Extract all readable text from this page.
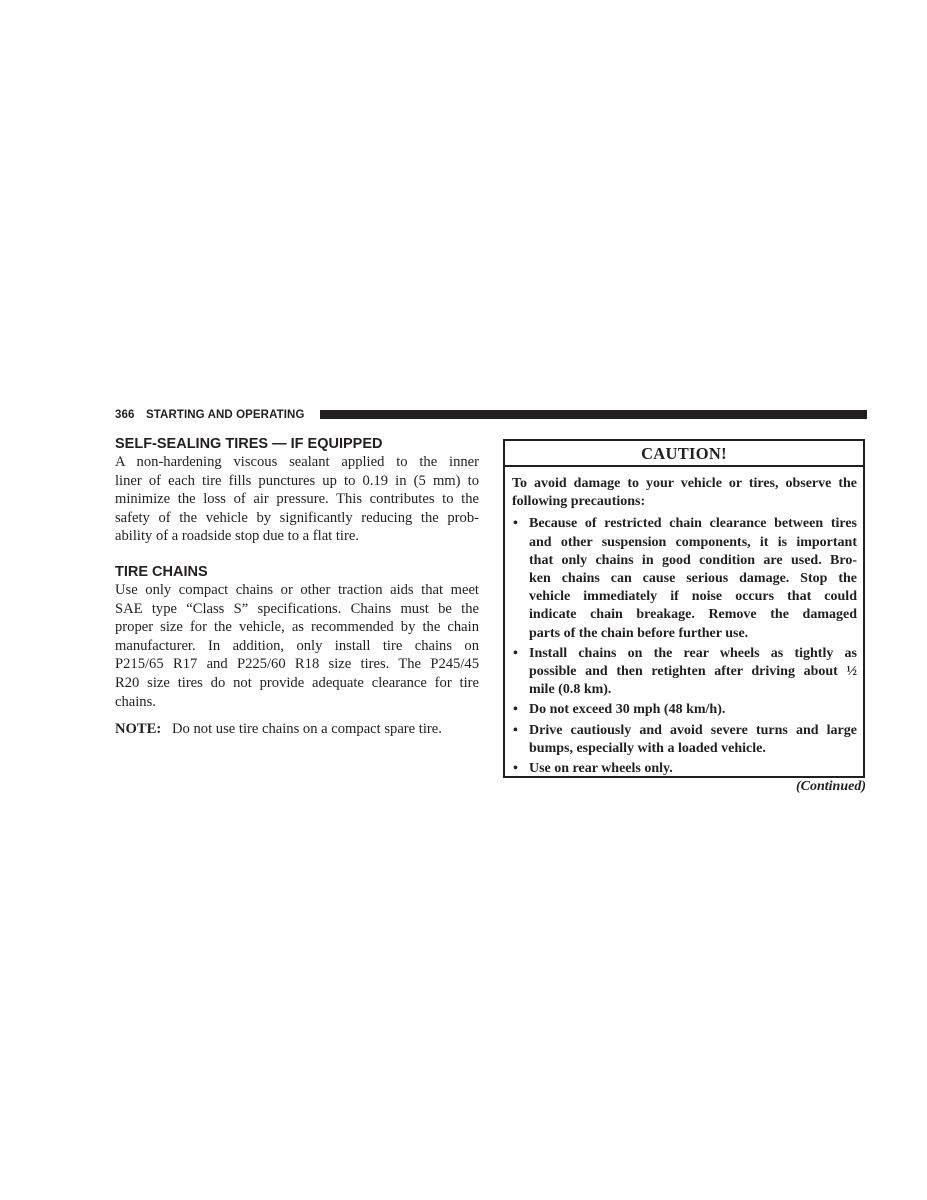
366 STARTING AND OPERATING
SELF-SEALING TIRES — IF EQUIPPED

A non-hardening viscous sealant applied to the inner
liner of each tire fills punctures up to 0.19 in (5 mm) to
minimize the loss of air pressure. This contributes to the
safety of the vehicle by significantly reducing the prob-
ability of a roadside stop due to a flat tire.

TIRE CHAINS

Use only compact chains or other traction aids that meet
SAE type “Class S” specifications. Chains must be the
proper size for the vehicle, as recommended by the chain
manufacturer. In addition, only install tire chains on
P215/65 R17 and P225/60 R18 size tires. The P245/45
R20 size tires do not provide adequate clearance for tire
chains.

NOTE: Do not use tire chains on a compact spare tire.

CAUTION!
To avoid damage to your vehicle or tires, observe the
following precautions:
• Because of restricted chain clearance between tires
and other suspension components, it is important
that only chains in good condition are used. Bro-
ken chains can cause serious damage. Stop the
vehicle immediately if noise occurs that could
indicate chain breakage. Remove the damaged
parts of the chain before further use.
• Install chains on the rear wheels as tightly as
possible and then retighten after driving about ½
mile (0.8 km).
• Do not exceed 30 mph (48 km/h).
• Drive cautiously and avoid severe turns and large
bumps, especially with a loaded vehicle.
• Use on rear wheels only.
(Continued)
